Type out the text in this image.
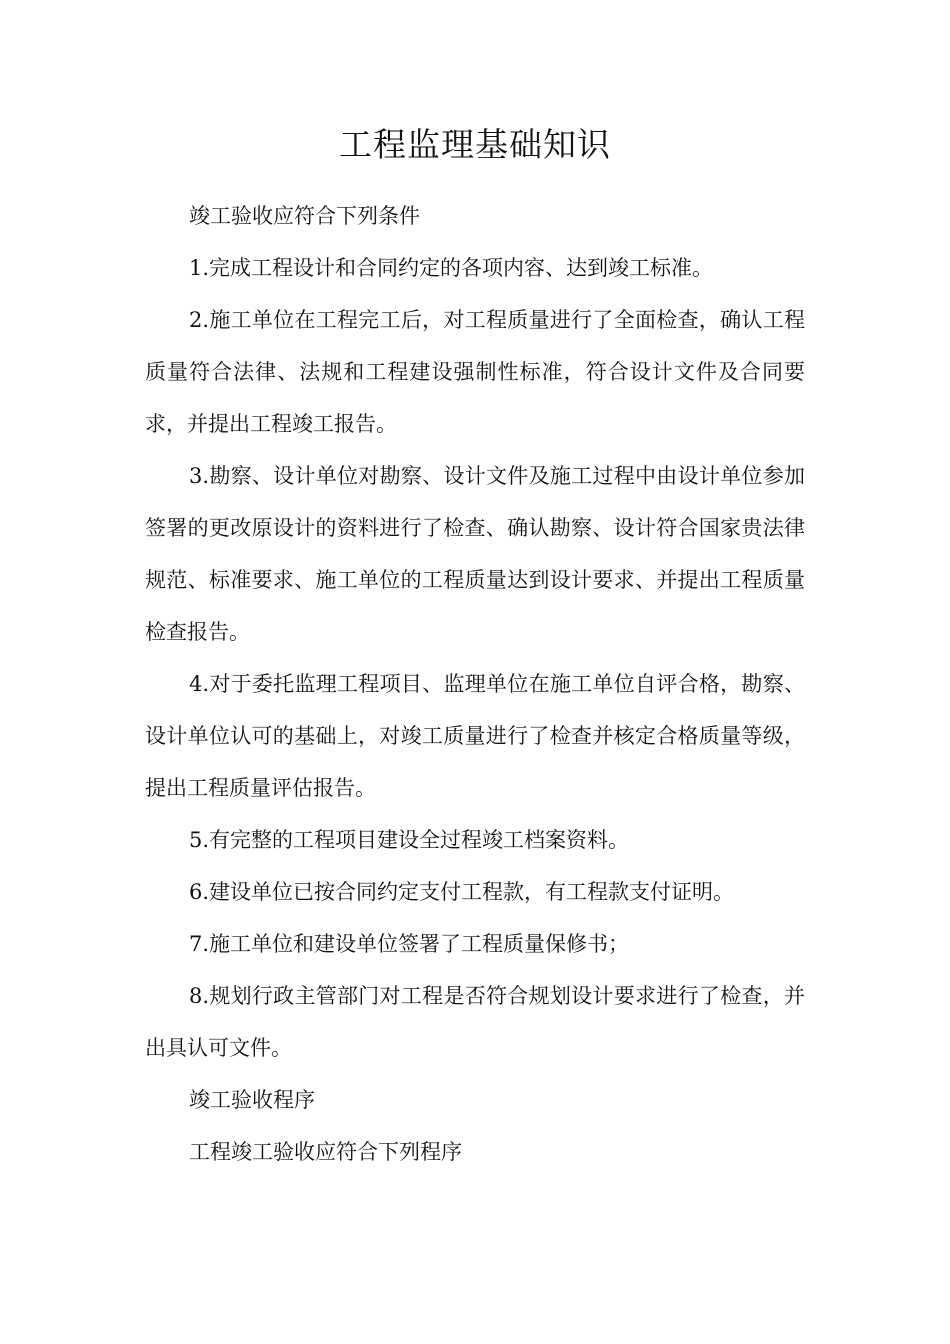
工程监理基础知识

竣工验收应符合下列条件

1.完成工程设计和合同约定的各项内容、达到竣工标准。

2.施工单位在工程完工后，对工程质量进行了全面检查，确认工程质量符合法律、法规和工程建设强制性标准，符合设计文件及合同要求，并提出工程竣工报告。

3.勘察、设计单位对勘察、设计文件及施工过程中由设计单位参加签署的更改原设计的资料进行了检查、确认勘察、设计符合国家贵法律规范、标准要求、施工单位的工程质量达到设计要求、并提出工程质量检查报告。

4.对于委托监理工程项目、监理单位在施工单位自评合格，勘察、设计单位认可的基础上，对竣工质量进行了检查并核定合格质量等级，提出工程质量评估报告。

5.有完整的工程项目建设全过程竣工档案资料。

6.建设单位已按合同约定支付工程款，有工程款支付证明。

7.施工单位和建设单位签署了工程质量保修书；

8.规划行政主管部门对工程是否符合规划设计要求进行了检查，并出具认可文件。

竣工验收程序

工程竣工验收应符合下列程序
